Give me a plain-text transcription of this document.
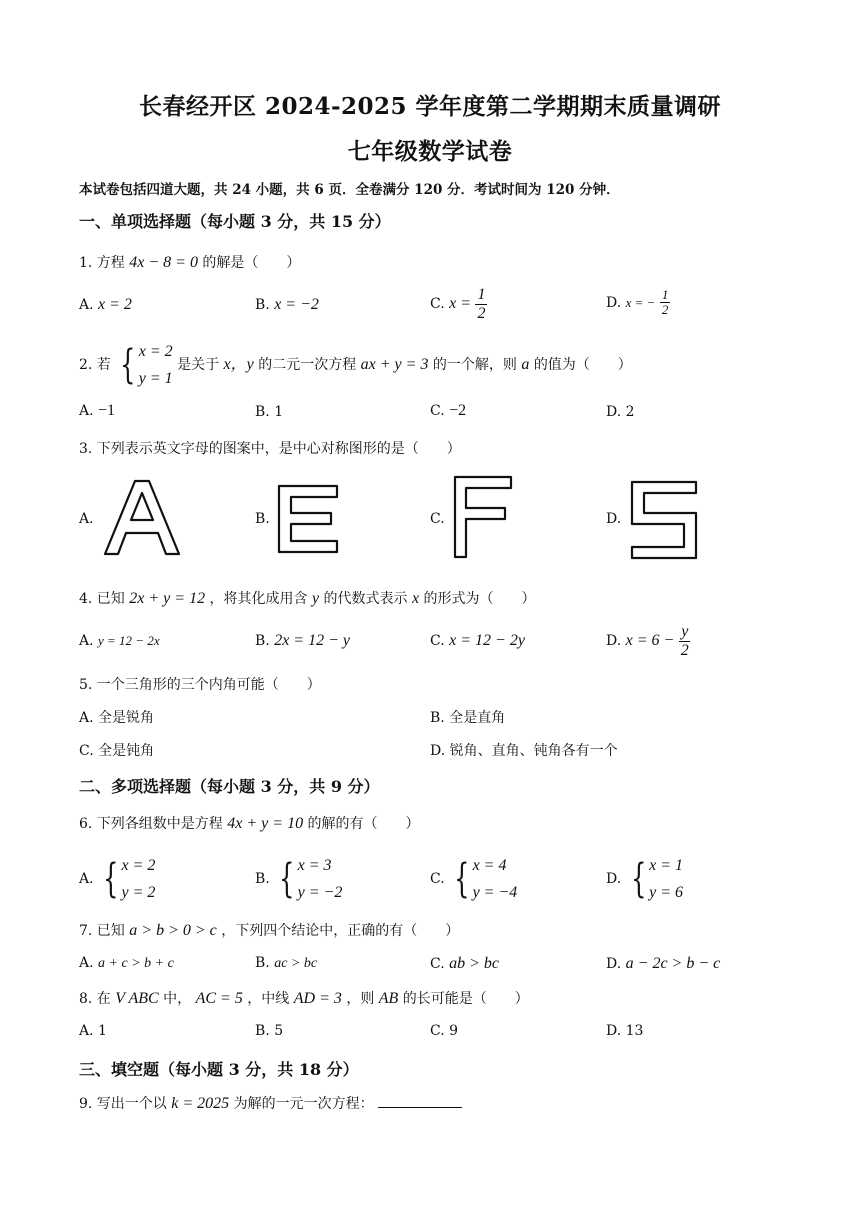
长春经开区 2024-2025 学年度第二学期期末质量调研
七年级数学试卷
本试卷包括四道大题，共 24 小题，共 6 页．全卷满分 120 分．考试时间为 120 分钟．
一、单项选择题（每小题 3 分，共 15 分）
1. 方程 4x − 8 = 0 的解是（　　）
A. x = 2	B. x = −2	C. $x = \frac{1}{2}$	D. x = − $\frac{1}{2}$
2. 若 { x = 2
y = 1
是关于 x，y 的二元一次方程 ax + y = 3 的一个解，则 a 的值为（　　）
A. −1	B. 1	C. −2	D. 2
3. 下列表示英文字母的图案中，是中心对称图形的是（　　）
A.	B.	C.	D.
4. 已知 2x + y = 12 ，将其化成用含 y 的代数式表示 x 的形式为（　　）
A. y = 12 − 2x	B. 2x = 12 − y	C. x = 12 − 2y	D. $x = 6 - \frac{y}{2}$
5. 一个三角形的三个内角可能（　　）
A. 全是锐角	B. 全是直角
C. 全是钝角	D. 锐角、直角、钝角各有一个
二、多项选择题（每小题 3 分，共 9 分）
6. 下列各组数中是方程 4x + y = 10 的解的有（　　）
A. { x = 2
y = 2
B. { x = 3
y = −2
C. { x = 4
y = −4
D. { x = 1
y = 6
7. 已知 a > b > 0 > c ，下列四个结论中，正确的有（　　）
A. a + c > b + c	B. ac > bc	C. ab > bc	D. a − 2c > b − c
8. 在 V ABC 中， AC = 5 ，中线 AD = 3 ，则 AB 的长可能是（　　）
A. 1	B. 5	C. 9	D. 13
三、填空题（每小题 3 分，共 18 分）
9. 写出一个以 k = 2025 为解的一元一次方程：
